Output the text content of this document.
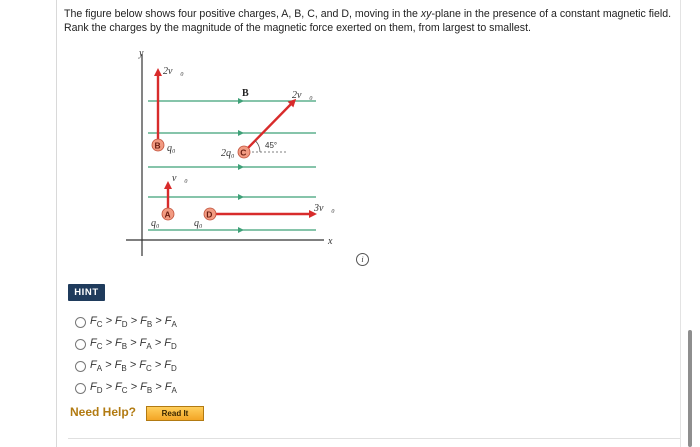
The figure below shows four positive charges, A, B, C, and D, moving in the xy-plane in the presence of a constant magnetic field.
Rank the charges by the magnitude of the magnetic force exerted on them, from largest to smallest.
y
x
B⃗
45°
B
A
C
D
2v⃗₀
q₀
v⃗₀
q₀
2q₀
2v⃗₀
q₀
3v⃗₀
i
HINT
$F_C > F_D > F_B > F_A$
$F_C > F_B > F_A > F_D$
$F_A > F_B > F_C > F_D$
$F_D > F_C > F_B > F_A$
Need Help?	Read It
